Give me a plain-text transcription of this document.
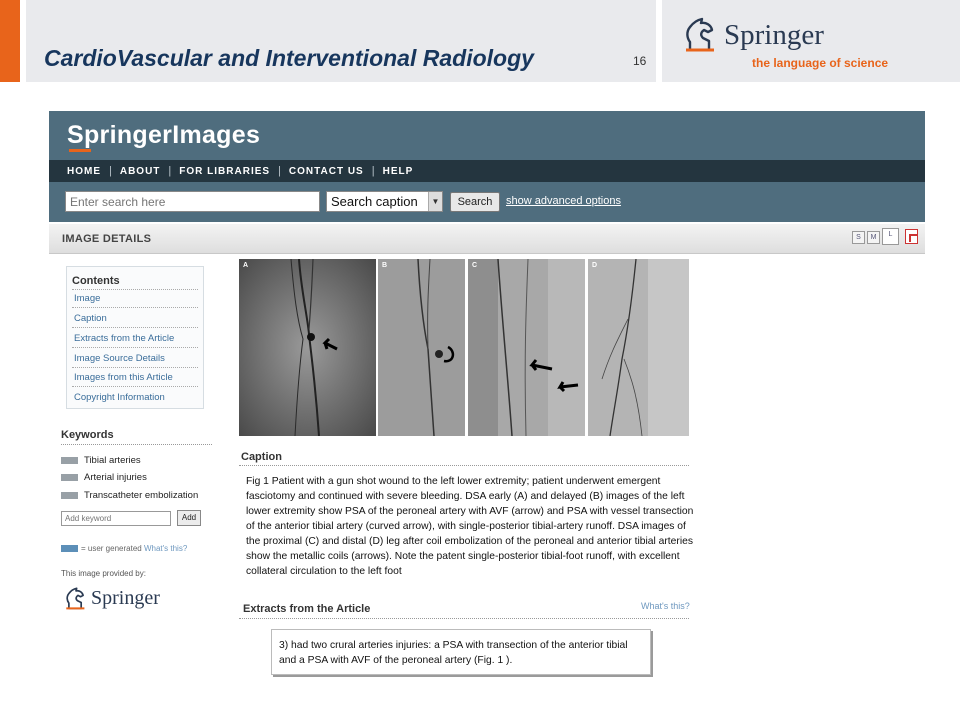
CardioVascular and Interventional Radiology	16
Springer
the language of science
SpringerImages
HOME | ABOUT | FOR LIBRARIES | CONTACT US | HELP
Enter search here
Search caption	▼	Search	show advanced options
IMAGE DETAILS	S	M	L
Contents
Image
Caption
Extracts from the Article
Image Source Details
Images from this Article
Copyright Information
Keywords
Tibial arteries
Arterial injuries
Transcatheter embolization
Add keyword
Add
= user generated What's this?
This image provided by:
Springer
A	B	C	D
Caption
Fig 1 Patient with a gun shot wound to the left lower extremity; patient underwent emergent fasciotomy and continued with severe bleeding. DSA early (A) and delayed (B) images of the left lower extremity show PSA of the peroneal artery with AVF (arrow) and PSA with vessel transection of the anterior tibial artery (curved arrow), with single-posterior tibial-artery runoff. DSA images of the proximal (C) and distal (D) leg after coil embolization of the peroneal and anterior tibial arteries show the metallic coils (arrows). Note the patent single-posterior tibial-foot runoff, with excellent collateral circulation to the left foot
Extracts from the Article	What's this?
3) had two crural arteries injuries: a PSA with transection of the anterior tibial and a PSA with AVF of the peroneal artery (Fig. 1 ).
